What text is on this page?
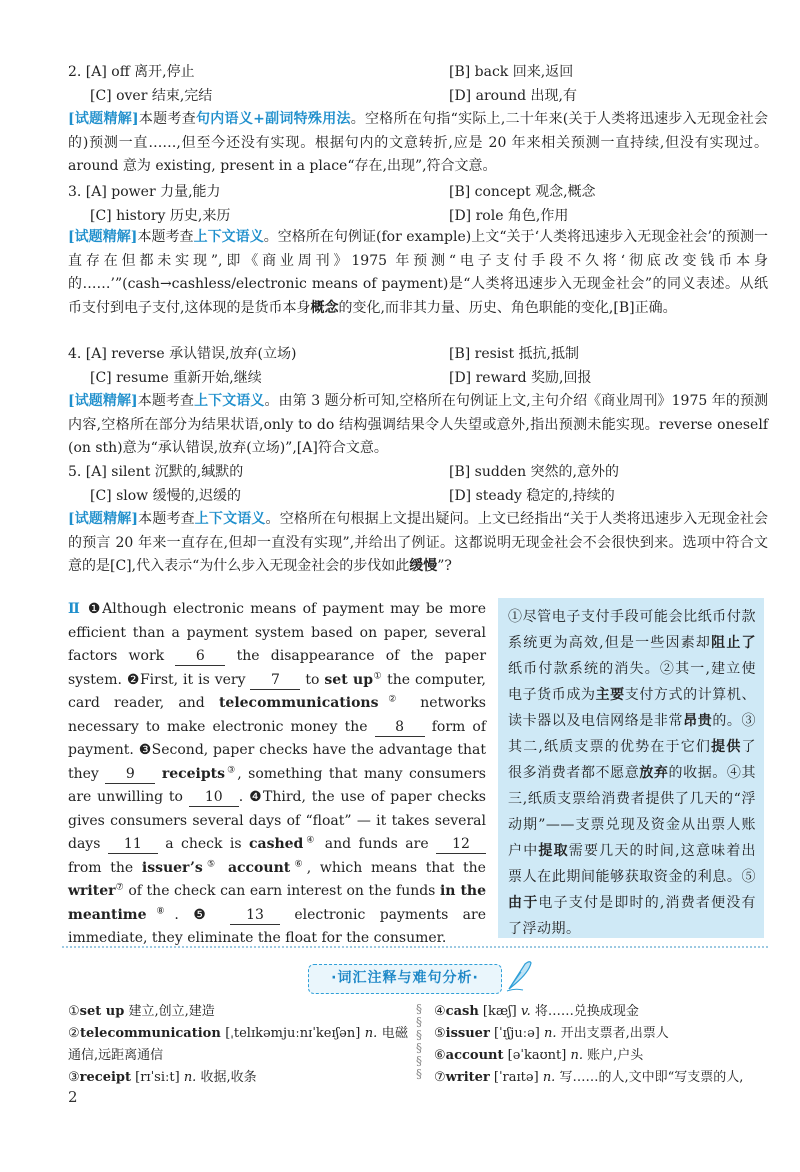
2. [A] off 离开,停止	[B] back 回来,返回
[C] over 结束,完结	[D] around 出现,有
[试题精解]本题考查句内语义+副词特殊用法。空格所在句指“实际上,二十年来(关于人类将迅速步入无现金社会的)预测一直……,但至今还没有实现。根据句内的文意转折,应是 20 年来相关预测一直持续,但没有实现过。around 意为 existing, present in a place“存在,出现”,符合文意。
3. [A] power 力量,能力	[B] concept 观念,概念
[C] history 历史,来历	[D] role 角色,作用
[试题精解]本题考查上下文语义。空格所在句例证(for example)上文“关于‘人类将迅速步入无现金社会’的预测一直存在但都未实现”,即《商业周刊》1975 年预测“电子支付手段不久将‘彻底改变钱币本身的……’”(cash→cashless/electronic means of payment)是“人类将迅速步入无现金社会”的同义表述。从纸币支付到电子支付,这体现的是货币本身概念的变化,而非其力量、历史、角色职能的变化,[B]正确。
4. [A] reverse 承认错误,放弃(立场)	[B] resist 抵抗,抵制
[C] resume 重新开始,继续	[D] reward 奖励,回报
[试题精解]本题考查上下文语义。由第 3 题分析可知,空格所在句例证上文,主句介绍《商业周刊》1975 年的预测内容,空格所在部分为结果状语,only to do 结构强调结果令人失望或意外,指出预测未能实现。reverse oneself (on sth)意为“承认错误,放弃(立场)”,[A]符合文意。
5. [A] silent 沉默的,缄默的	[B] sudden 突然的,意外的
[C] slow 缓慢的,迟缓的	[D] steady 稳定的,持续的
[试题精解]本题考查上下文语义。空格所在句根据上文提出疑问。上文已经指出“关于人类将迅速步入无现金社会的预言 20 年来一直存在,但却一直没有实现”,并给出了例证。这都说明无现金社会不会很快到来。选项中符合文意的是[C],代入表示“为什么步入无现金社会的步伐如此缓慢”?
Ⅱ ❶Although electronic means of payment may be more efficient than a payment system based on paper, several factors work 6 the disappearance of the paper system. ❷First, it is very 7 to set up① the computer, card reader, and telecommunications② networks necessary to make electronic money the 8 form of payment. ❸Second, paper checks have the advantage that they 9 receipts③, something that many consumers are unwilling to 10 . ❹Third, the use of paper checks gives consumers several days of “float” — it takes several days 11 a check is cashed④ and funds are 12 from the issuer’s⑤ account⑥, which means that the writer⑦ of the check can earn interest on the funds in the meantime⑧. ❺ 13 electronic payments are immediate, they eliminate the float for the consumer.

①尽管电子支付手段可能会比纸币付款系统更为高效,但是一些因素却阻止了纸币付款系统的消失。②其一,建立使电子货币成为主要支付方式的计算机、读卡器以及电信网络是非常昂贵的。③其二,纸质支票的优势在于它们提供了很多消费者都不愿意放弃的收据。④其三,纸质支票给消费者提供了几天的“浮动期”——支票兑现及资金从出票人账户中提取需要几天的时间,这意味着出票人在此期间能够获取资金的利息。⑤由于电子支付是即时的,消费者便没有了浮动期。

·词汇注释与难句分析·
①set up 建立,创立,建造
②telecommunication [ˌtelɪkəmjuːnɪˈkeɪʃən] n. 电磁通信,远距离通信
③receipt [rɪˈsiːt] n. 收据,收条
§
§
§
§
§
§
④cash [kæʃ] v. 将……兑换成现金
⑤issuer [ˈɪʃjuːə] n. 开出支票者,出票人
⑥account [əˈkaʊnt] n. 账户,户头
⑦writer [ˈraɪtə] n. 写……的人,文中即“写支票的人,
2
